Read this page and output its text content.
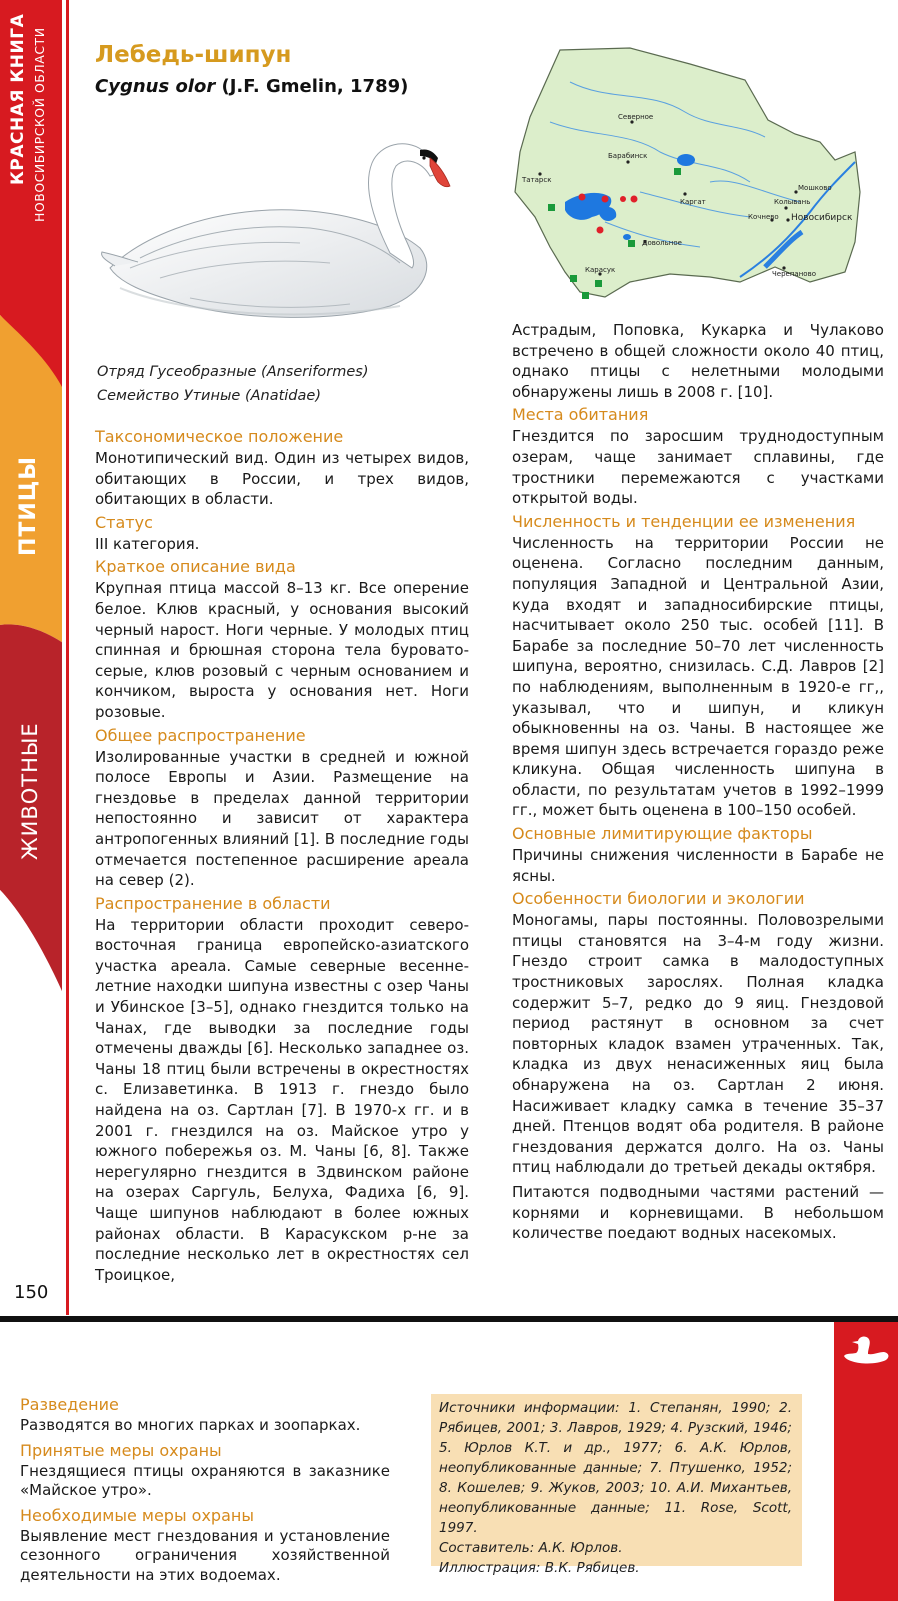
КРАСНАЯ КНИГА НОВОСИБИРСКОЙ ОБЛАСТИ
ПТИЦЫ
ЖИВОТНЫЕ
150
Лебедь-шипун
Cygnus olor (J.F. Gmelin, 1789)
Отряд Гусеобразные (Anseriformes)
Семейство Утиные (Anatidae)
Северное
Татарск
Барабинск
Каргат
Мошково
Колывань
Кочнево Новосибирск
Довольное
Карасук	Черепаново
Таксономическое положение

Монотипический вид. Один из четырех видов, обитающих в России, и трех видов, обитающих в области.

Статус

III категория.

Краткое описание вида

Крупная птица массой 8–13 кг. Все оперение белое. Клюв красный, у основания высокий черный нарост. Ноги черные. У молодых птиц спинная и брюшная сторона тела буровато-серые, клюв розовый с черным основанием и кончиком, выроста у основания нет. Ноги розовые.

Общее распространение

Изолированные участки в средней и южной полосе Европы и Азии. Размещение на гнездовье в пределах данной территории непостоянно и зависит от характера антропогенных влияний [1]. В последние годы отмечается постепенное расширение ареала на север (2).

Распространение в области

На территории области проходит северо-восточная граница европейско-азиатского участка ареала. Самые северные весенне-летние находки шипуна известны с озер Чаны и Убинское [3–5], однако гнездится только на Чанах, где выводки за последние годы отмечены дважды [6]. Несколько западнее оз. Чаны 18 птиц были встречены в окрестностях с. Елизаветинка. В 1913 г. гнездо было найдена на оз. Сартлан [7]. В 1970-х гг. и в 2001 г. гнездился на оз. Майское утро у южного побережья оз. М. Чаны [6, 8]. Также нерегулярно гнездится в Здвинском районе на озерах Саргуль, Белуха, Фадиха [6, 9]. Чаще шипунов наблюдают в более южных районах области. В Карасукском р-не за последние несколько лет в окрестностях сел Троицкое,

Астрадым, Поповка, Кукарка и Чулаково встречено в общей сложности около 40 птиц, однако птицы с нелетными молодыми обнаружены лишь в 2008 г. [10].

Места обитания

Гнездится по заросшим труднодоступным озерам, чаще занимает сплавины, где тростники перемежаются с участками открытой воды.

Численность и тенденции ее изменения

Численность на территории России не оценена. Согласно последним данным, популяция Западной и Центральной Азии, куда входят и западносибирские птицы, насчитывает около 250 тыс. особей [11]. В Барабе за последние 50–70 лет численность шипуна, вероятно, снизилась. С.Д. Лавров [2] по наблюдениям, выполненным в 1920-е гг,, указывал, что и шипун, и кликун обыкновенны на оз. Чаны. В настоящее же время шипун здесь встречается гораздо реже кликуна. Общая численность шипуна в области, по результатам учетов в 1992–1999 гг., может быть оценена в 100–150 особей.

Основные лимитирующие факторы

Причины снижения численности в Барабе не ясны.

Особенности биологии и экологии

Моногамы, пары постоянны. Половозрелыми птицы становятся на 3–4-м году жизни. Гнездо строит самка в малодоступных тростниковых зарослях. Полная кладка содержит 5–7, редко до 9 яиц. Гнездовой период растянут в основном за счет повторных кладок взамен утраченных. Так, кладка из двух ненасиженных яиц была обнаружена на оз. Сартлан 2 июня. Насиживает кладку самка в течение 35–37 дней. Птенцов водят оба родителя. В районе гнездования держатся долго. На оз. Чаны птиц наблюдали до третьей декады октября.

Питаются подводными частями растений — корнями и корневищами. В небольшом количестве поедают водных насекомых.

Разведение

Разводятся во многих парках и зоопарках.

Принятые меры охраны

Гнездящиеся птицы охраняются в заказнике «Майское утро».

Необходимые меры охраны

Выявление мест гнездования и установление сезонного ограничения хозяйственной деятельности на этих водоемах.

Источники информации: 1. Степанян, 1990; 2. Рябицев, 2001; 3. Лавров, 1929; 4. Рузский, 1946; 5. Юрлов К.Т. и др., 1977; 6. А.К. Юрлов, неопубликованные данные; 7. Птушенко, 1952; 8. Кошелев; 9. Жуков, 2003; 10. А.И. Михантьев, неопубликованные данные; 11. Rose, Scott, 1997.

Составитель: А.К. Юрлов.

Иллюстрация: В.К. Рябицев.
